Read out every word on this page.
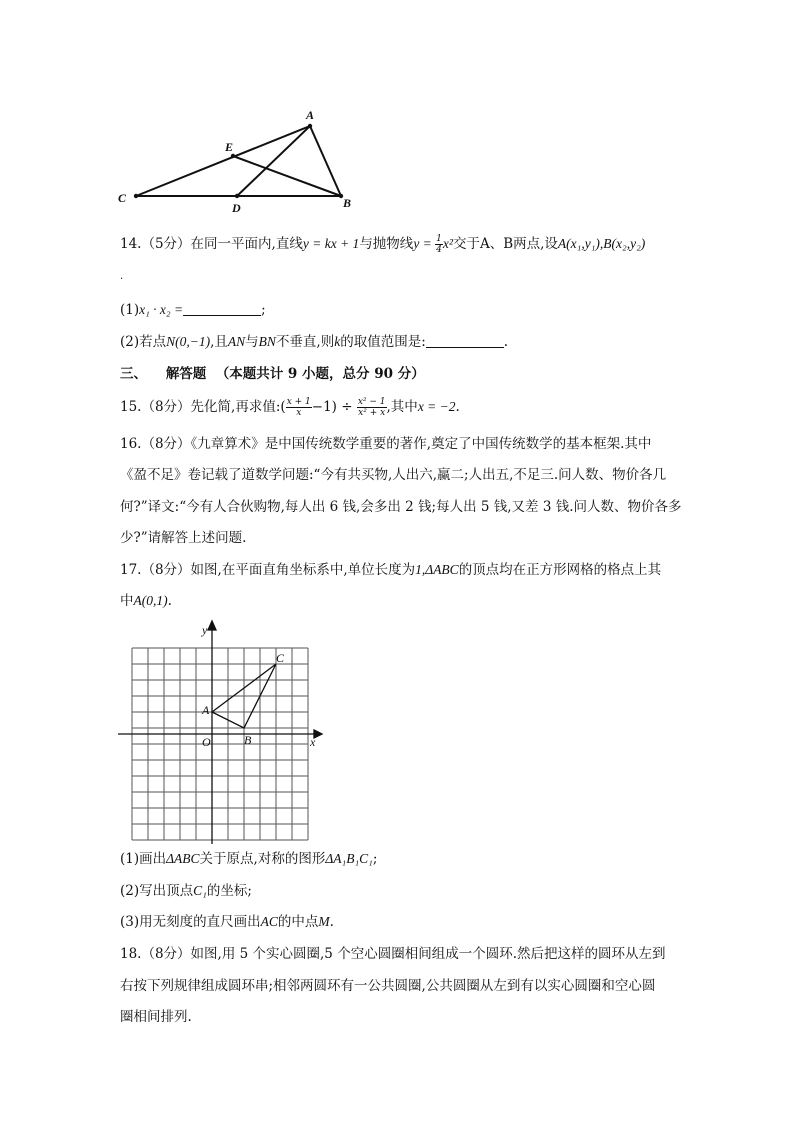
A
E
C
D	B
14.（5分）在同一平面内,直线y = kx + 1与抛物线$y = \frac{1}{4} x^2$交于A、B两点,设A(x₁,y₁),B(x₂,y₂)
.
(1)x₁ · x₂ =	;
(2)若点N(0,−1),且AN与BN不垂直,则k的取值范围是:	.
三、 解答题 （本题共计 9 小题，总分 90 分）
15.（8分）先化简,再求值:( $\frac{x + 1}{x} -1) \div \frac{\text{x² − 1}}{\text{x² + x}}$ ,其中x = −2.
16.（8分）《九章算术》是中国传统数学重要的著作,奠定了中国传统数学的基本框架.其中
《盈不足》卷记载了道数学问题:“今有共买物,人出六,赢二;人出五,不足三.问人数、物价各几
何?”译文:“今有人合伙购物,每人出 6 钱,会多出 2 钱;每人出 5 钱,又差 3 钱.问人数、物价各多
少?”请解答上述问题.
17.（8分）如图,在平面直角坐标系中,单位长度为1,ΔABC的顶点均在正方形网格的格点上其
中A(0,1).
y
x
A
B
C
O
(1)画出ΔABC关于原点,对称的图形ΔA₁B₁C₁;
(2)写出顶点C₁的坐标;
(3)用无刻度的直尺画出AC的中点M.
18.（8分）如图,用 5 个实心圆圈,5 个空心圆圈相间组成一个圆环.然后把这样的圆环从左到
右按下列规律组成圆环串;相邻两圆环有一公共圆圈,公共圆圈从左到有以实心圆圈和空心圆
圈相间排列.
